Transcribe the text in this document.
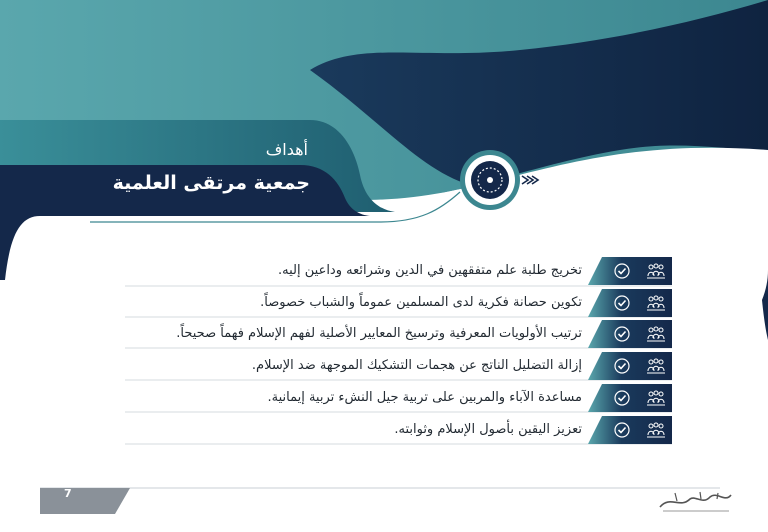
أهداف
جمعية مرتقى العلمية
تخريج طلبة علم متفقهين في الدين وشرائعه وداعين إليه.
تكوين حصانة فكرية لدى المسلمين عموماً والشباب خصوصاً.
ترتيب الأولويات المعرفية وترسيخ المعايير الأصلية لفهم الإسلام فهماً صحيحاً.
إزالة التضليل الناتج عن هجمات التشكيك الموجهة ضد الإسلام.
مساعدة الآباء والمربين على تربية جيل النشء تربية إيمانية.
تعزيز اليقين بأصول الإسلام وثوابته.
7
